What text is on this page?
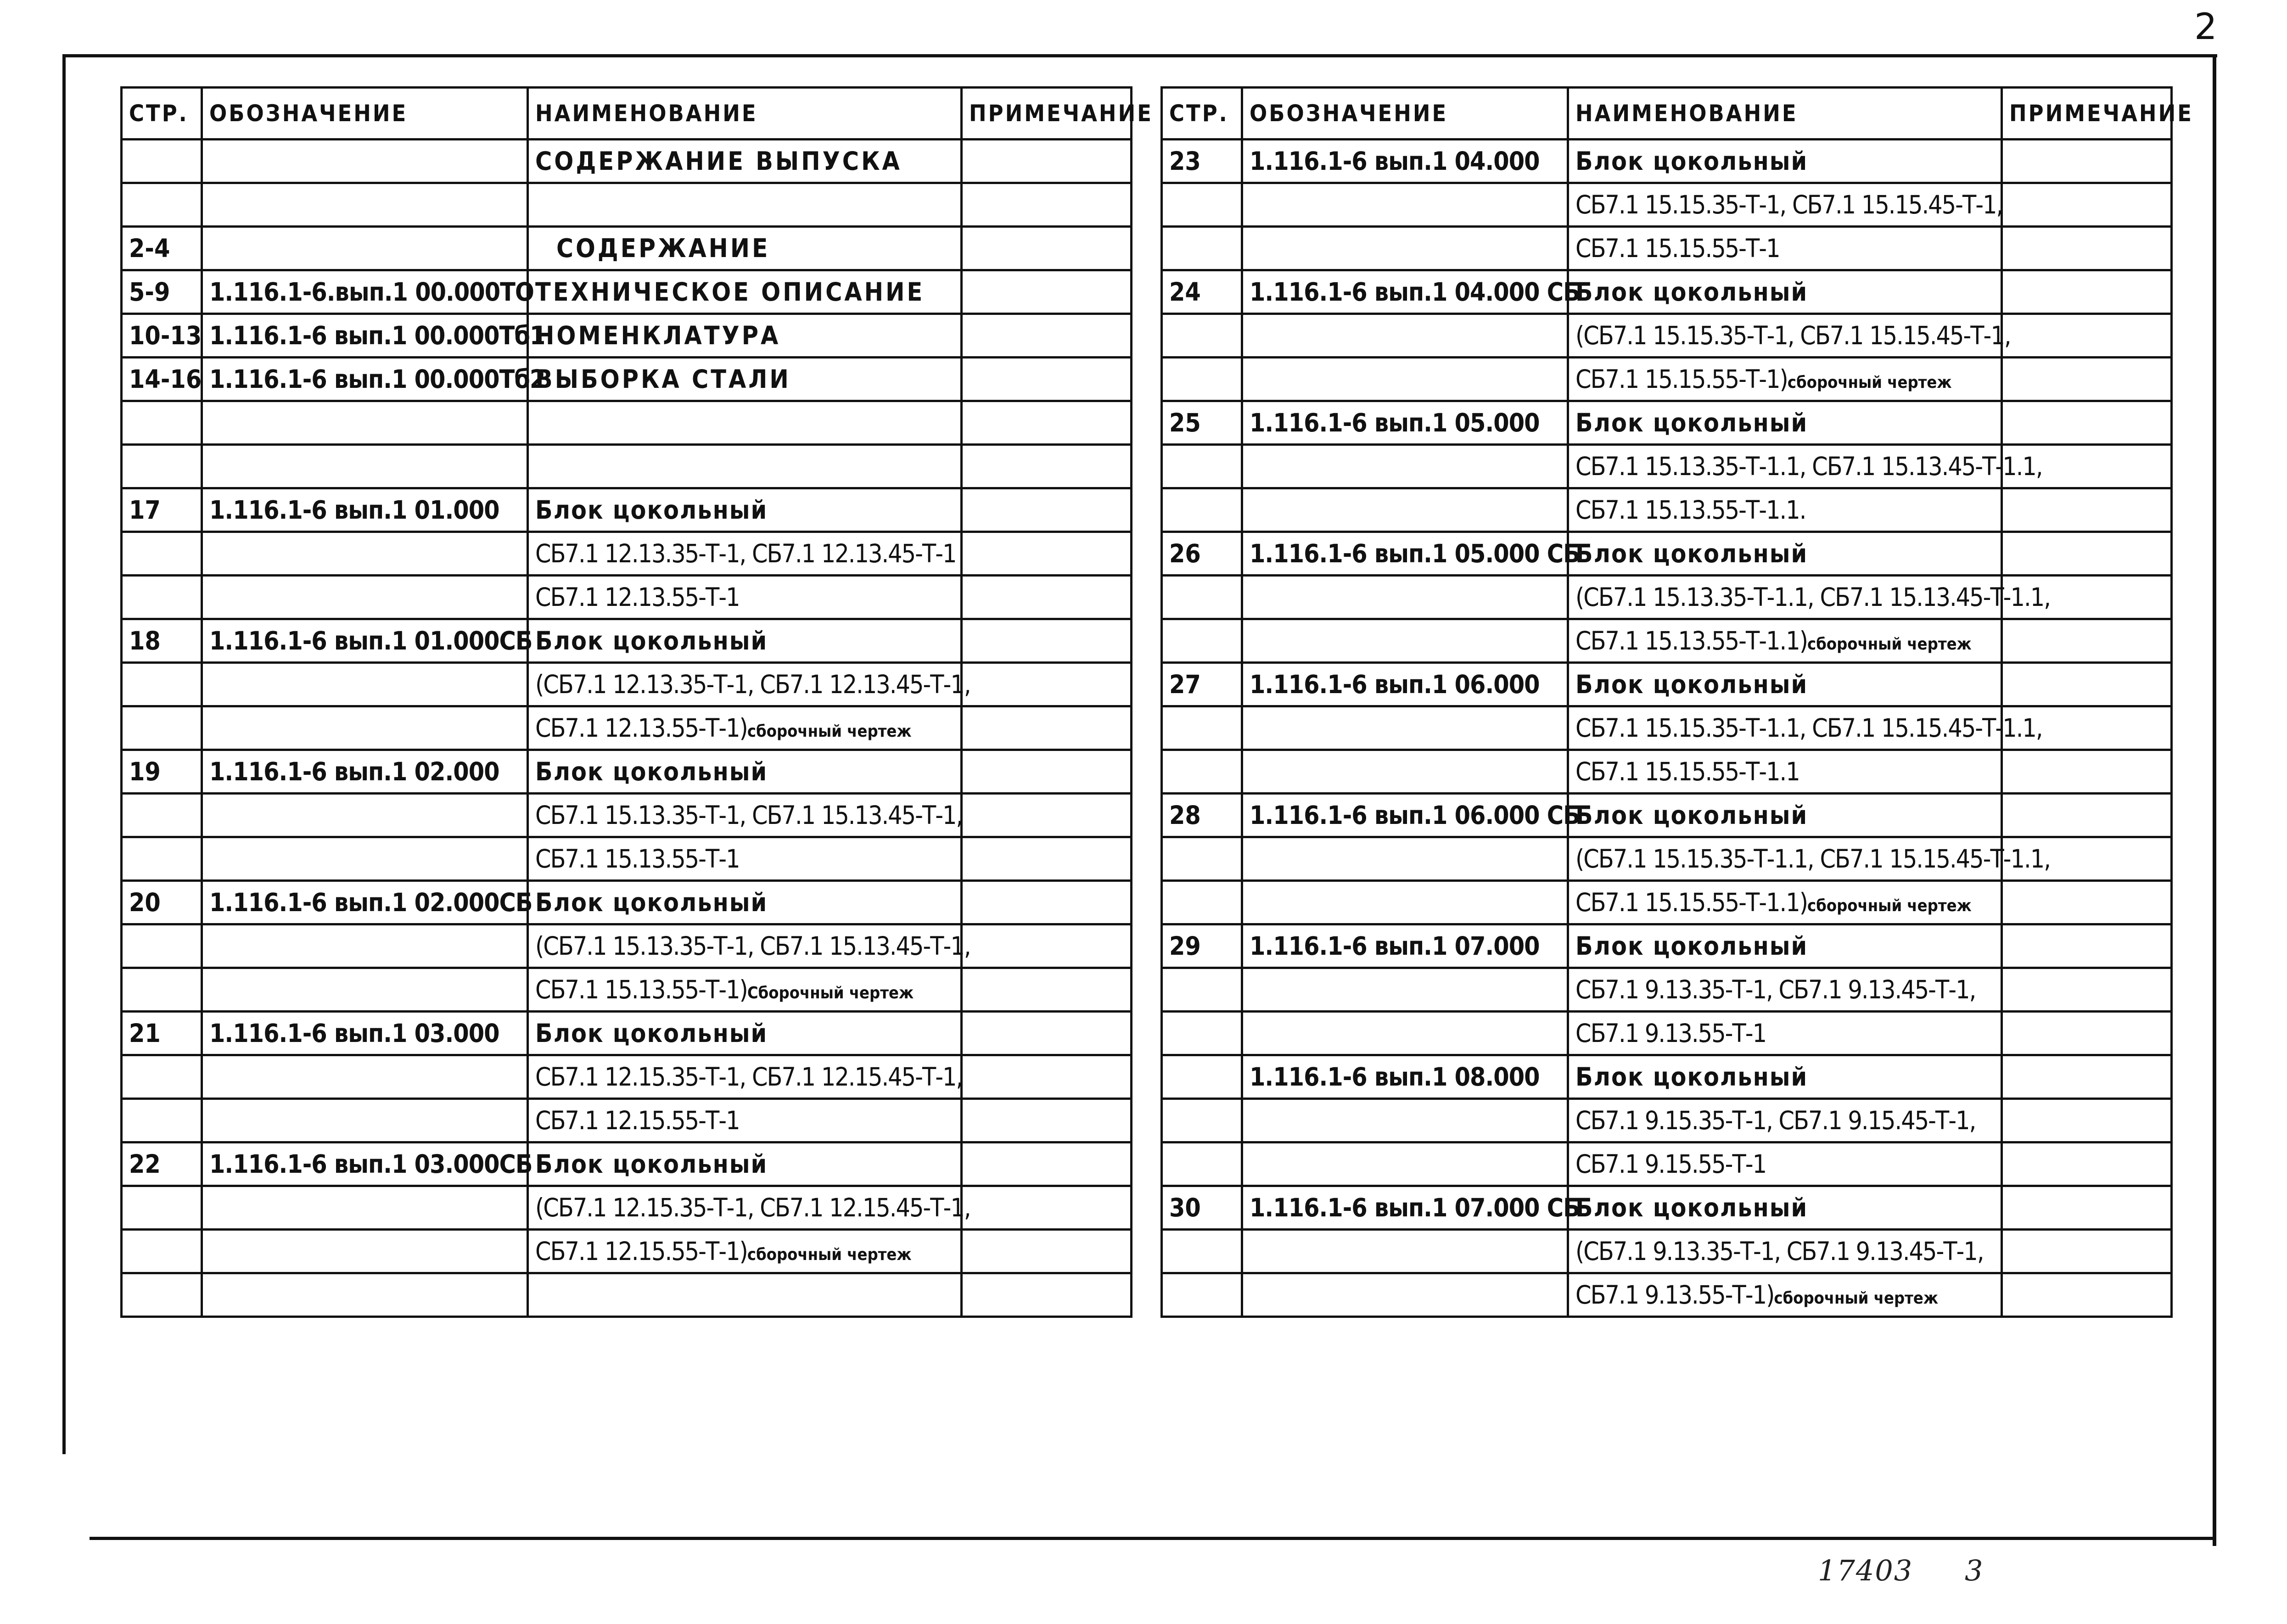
2
СТР.	ОБОЗНАЧЕНИЕ	НАИМЕНОВАНИЕ	ПРИМЕЧАНИЕ
		СОДЕРЖАНИЕ ВЫПУСКА	

2-4		СОДЕРЖАНИЕ	
5-9	1.116.1-6.вып.1 00.000ТО	ТЕХНИЧЕСКОЕ ОПИСАНИЕ	
10-13	1.116.1-6 вып.1 00.000Тб1	НОМЕНКЛАТУРА	
14-16	1.116.1-6 вып.1 00.000Тб2	ВЫБОРКА СТАЛИ	

17	1.116.1-6 вып.1 01.000	Блок цокольный	
		СБ7.1 12.13.35-Т-1, СБ7.1 12.13.45-Т-1	
		СБ7.1 12.13.55-Т-1	
18	1.116.1-6 вып.1 01.000СБ	Блок цокольный	
		(СБ7.1 12.13.35-Т-1, СБ7.1 12.13.45-Т-1,	
		СБ7.1 12.13.55-Т-1)сборочный чертеж	
19	1.116.1-6 вып.1 02.000	Блок цокольный	
		СБ7.1 15.13.35-Т-1, СБ7.1 15.13.45-Т-1,	
		СБ7.1 15.13.55-Т-1	
20	1.116.1-6 вып.1 02.000СБ	Блок цокольный	
		(СБ7.1 15.13.35-Т-1, СБ7.1 15.13.45-Т-1,	
		СБ7.1 15.13.55-Т-1)Сборочный чертеж	
21	1.116.1-6 вып.1 03.000	Блок цокольный	
		СБ7.1 12.15.35-Т-1, СБ7.1 12.15.45-Т-1,	
		СБ7.1 12.15.55-Т-1	
22	1.116.1-6 вып.1 03.000СБ	Блок цокольный	
		(СБ7.1 12.15.35-Т-1, СБ7.1 12.15.45-Т-1,	
		СБ7.1 12.15.55-Т-1)сборочный чертеж	

СТР.	ОБОЗНАЧЕНИЕ	НАИМЕНОВАНИЕ	ПРИМЕЧАНИЕ
23	1.116.1-6 вып.1 04.000	Блок цокольный	
		СБ7.1 15.15.35-Т-1, СБ7.1 15.15.45-Т-1,	
		СБ7.1 15.15.55-Т-1	
24	1.116.1-6 вып.1 04.000 СБ	Блок цокольный	
		(СБ7.1 15.15.35-Т-1, СБ7.1 15.15.45-Т-1,	
		СБ7.1 15.15.55-Т-1)сборочный чертеж	
25	1.116.1-6 вып.1 05.000	Блок цокольный	
		СБ7.1 15.13.35-Т-1.1, СБ7.1 15.13.45-Т-1.1,	
		СБ7.1 15.13.55-Т-1.1.	
26	1.116.1-6 вып.1 05.000 СБ	Блок цокольный	
		(СБ7.1 15.13.35-Т-1.1, СБ7.1 15.13.45-Т-1.1,	
		СБ7.1 15.13.55-Т-1.1)сборочный чертеж	
27	1.116.1-6 вып.1 06.000	Блок цокольный	
		СБ7.1 15.15.35-Т-1.1, СБ7.1 15.15.45-Т-1.1,	
		СБ7.1 15.15.55-Т-1.1	
28	1.116.1-6 вып.1 06.000 СБ	Блок цокольный	
		(СБ7.1 15.15.35-Т-1.1, СБ7.1 15.15.45-Т-1.1,	
		СБ7.1 15.15.55-Т-1.1)сборочный чертеж	
29	1.116.1-6 вып.1 07.000	Блок цокольный	
		СБ7.1 9.13.35-Т-1, СБ7.1 9.13.45-Т-1,	
		СБ7.1 9.13.55-Т-1	
	1.116.1-6 вып.1 08.000	Блок цокольный	
		СБ7.1 9.15.35-Т-1, СБ7.1 9.15.45-Т-1,	
		СБ7.1 9.15.55-Т-1	
30	1.116.1-6 вып.1 07.000 СБ	Блок цокольный	
		(СБ7.1 9.13.35-Т-1, СБ7.1 9.13.45-Т-1,	
		СБ7.1 9.13.55-Т-1)сборочный чертеж	
17403 3
